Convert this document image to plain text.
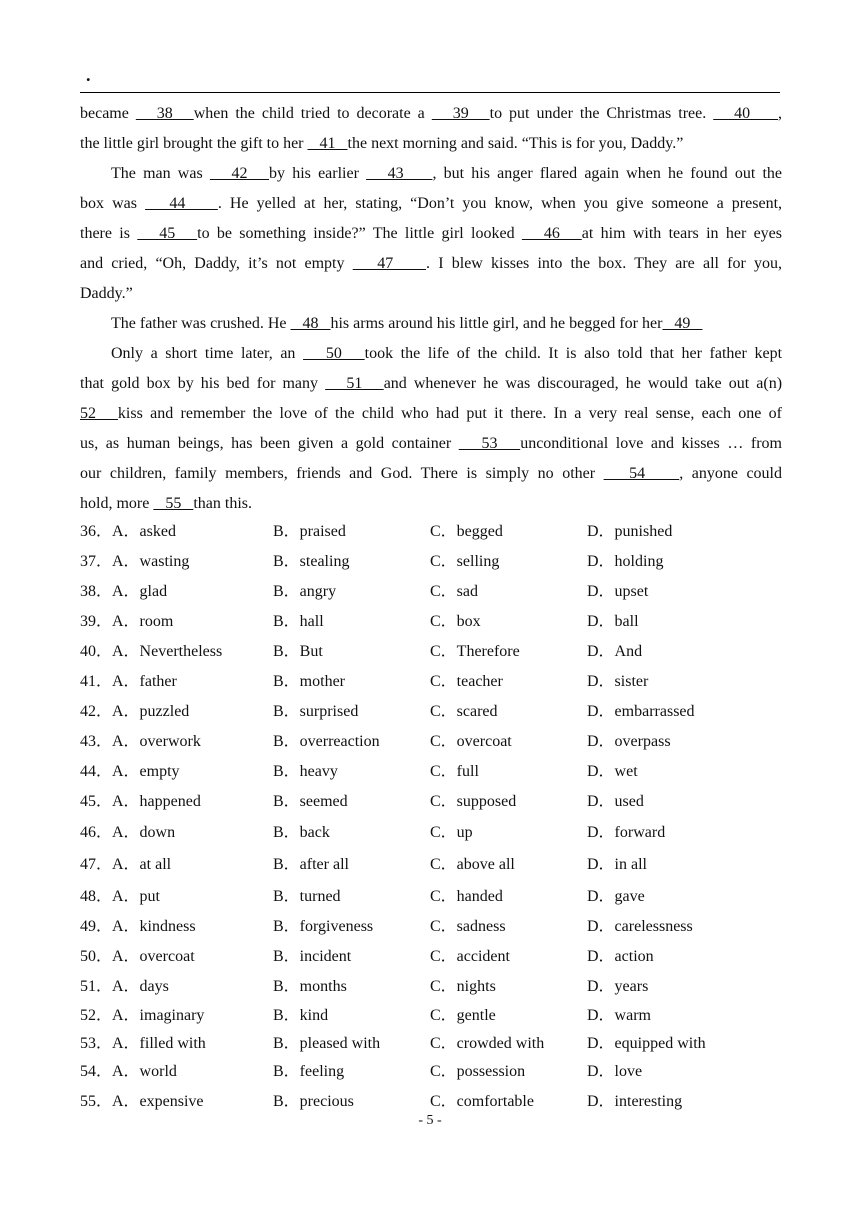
.
became    38   when the child tried to decorate a    39   to put under the Christmas tree.    40    ,
the little girl brought the gift to her    41   the next morning and said. “This is for you, Daddy.”
The man was    42   by his earlier    43    , but his anger flared again when he found out the
box was    44    . He yelled at her, stating, “Don’t you know, when you give someone a present,
there is    45   to be something inside?” The little girl looked    46   at him with tears in her eyes
and cried, “Oh, Daddy, it’s not empty    47    . I blew kisses into the box. They are all for you,
Daddy.”
The father was crushed. He    48   his arms around his little girl, and he begged for her   49
Only a short time later, an    50   took the life of the child. It is also told that her father kept
that gold box by his bed for many    51   and whenever he was discouraged, he would take out a(n)
52   kiss and remember the love of the child who had put it there. In a very real sense, each one of
us, as human beings, has been given a gold container    53   unconditional love and kisses … from
our children, family members, friends and God. There is simply no other    54    , anyone could
hold, more    55   than this.
36． A．asked	B．praised	C．begged	D．punished
37． A．wasting	B．stealing	C．selling	D．holding
38． A．glad	B．angry	C．sad	D．upset
39． A．room	B．hall	C．box	D．ball
40． A．Nevertheless	B．But	C．Therefore	D．And
41． A．father	B．mother	C．teacher	D．sister
42． A．puzzled	B．surprised	C．scared	D．embarrassed
43． A．overwork	B．overreaction	C．overcoat	D．overpass
44． A．empty	B．heavy	C．full	D．wet
45． A．happened	B．seemed	C．supposed	D．used
46． A．down	B．back	C．up	D．forward
47． A．at all	B．after all	C．above all	D．in all
48． A．put	B．turned	C．handed	D．gave
49． A．kindness	B．forgiveness	C．sadness	D．carelessness
50． A．overcoat	B．incident	C．accident	D．action
51． A．days	B．months	C．nights	D．years
52． A．imaginary	B．kind	C．gentle	D．warm
53． A．filled with	B．pleased with	C．crowded with	D．equipped with
54． A．world	B．feeling	C．possession	D．love
55． A．expensive	B．precious	C．comfortable	D．interesting
- 5 -
